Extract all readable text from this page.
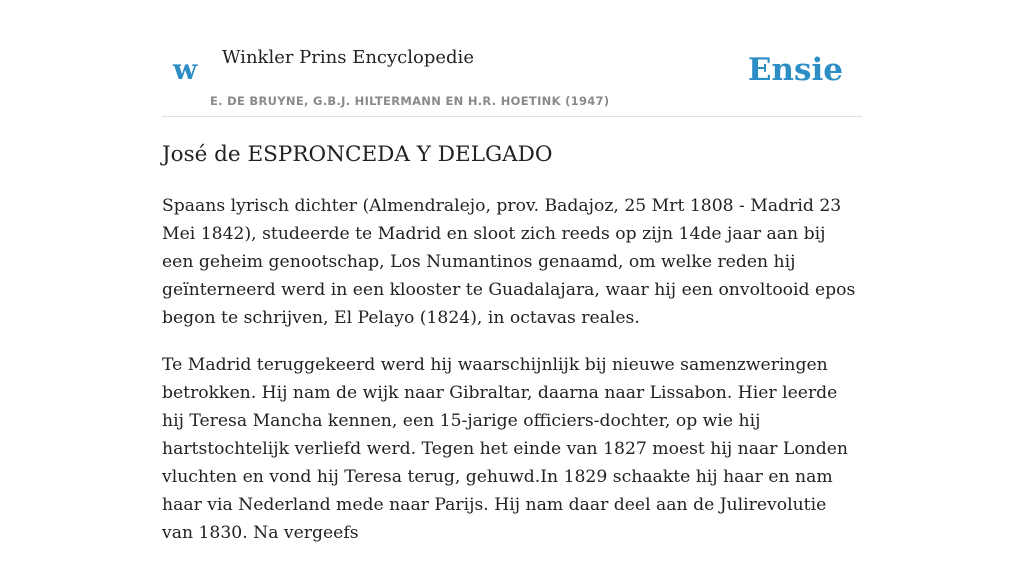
w Winkler Prins Encyclopedie
E. DE BRUYNE, G.B.J. HILTERMANN EN H.R. HOETINK (1947)
Ensie
José de ESPRONCEDA Y DELGADO

Spaans lyrisch dichter (Almendralejo, prov. Badajoz, 25 Mrt 1808 - Madrid 23 Mei 1842), studeerde te Madrid en sloot zich reeds op zijn 14de jaar aan bij een geheim genootschap, Los Numantinos genaamd, om welke reden hij geïnterneerd werd in een klooster te Guadalajara, waar hij een onvoltooid epos begon te schrijven, El Pelayo (1824), in octavas reales.

Te Madrid teruggekeerd werd hij waarschijnlijk bij nieuwe samenzweringen betrokken. Hij nam de wijk naar Gibraltar, daarna naar Lissabon. Hier leerde hij Teresa Mancha kennen, een 15-jarige officiers-dochter, op wie hij hartstochtelijk verliefd werd. Tegen het einde van 1827 moest hij naar Londen vluchten en vond hij Teresa terug, gehuwd.In 1829 schaakte hij haar en nam haar via Nederland mede naar Parijs. Hij nam daar deel aan de Julirevolutie van 1830. Na vergeefs
